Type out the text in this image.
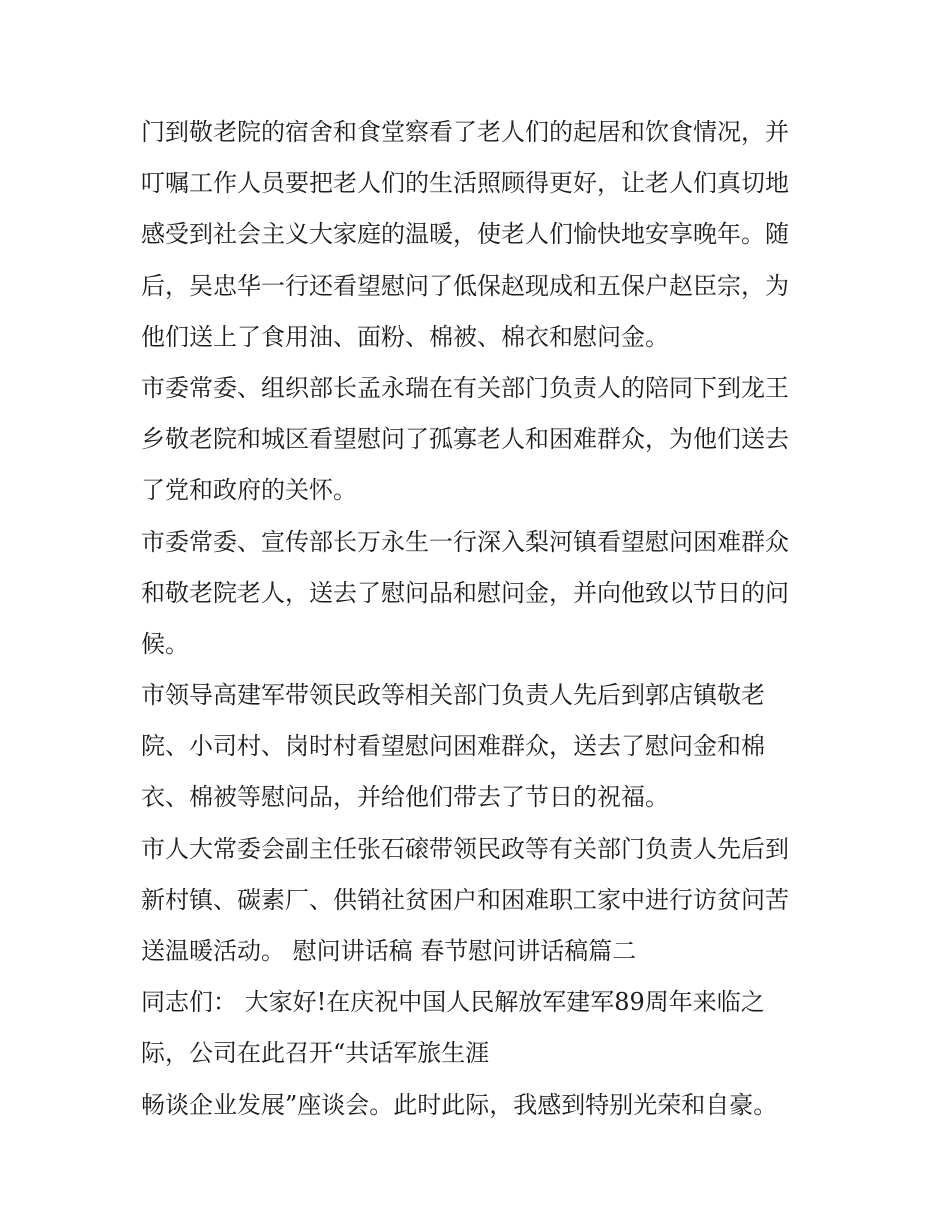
门到敬老院的宿舍和食堂察看了老人们的起居和饮食情况，并

叮嘱工作人员要把老人们的生活照顾得更好，让老人们真切地

感受到社会主义大家庭的温暖，使老人们愉快地安享晚年。随

后，吴忠华一行还看望慰问了低保赵现成和五保户赵臣宗，为

他们送上了食用油、面粉、棉被、棉衣和慰问金。

市委常委、组织部长孟永瑞在有关部门负责人的陪同下到龙王

乡敬老院和城区看望慰问了孤寡老人和困难群众，为他们送去

了党和政府的关怀。

市委常委、宣传部长万永生一行深入梨河镇看望慰问困难群众

和敬老院老人，送去了慰问品和慰问金，并向他致以节日的问

候。

市领导高建军带领民政等相关部门负责人先后到郭店镇敬老

院、小司村、岗时村看望慰问困难群众，送去了慰问金和棉

衣、棉被等慰问品，并给他们带去了节日的祝福。

市人大常委会副主任张石磙带领民政等有关部门负责人先后到

新村镇、碳素厂、供销社贫困户和困难职工家中进行访贫问苦

送温暖活动。 慰问讲话稿 春节慰问讲话稿篇二

同志们： 大家好!在庆祝中国人民解放军建军89周年来临之

际，公司在此召开“共话军旅生涯

畅谈企业发展”座谈会。此时此际，我感到特别光荣和自豪。
